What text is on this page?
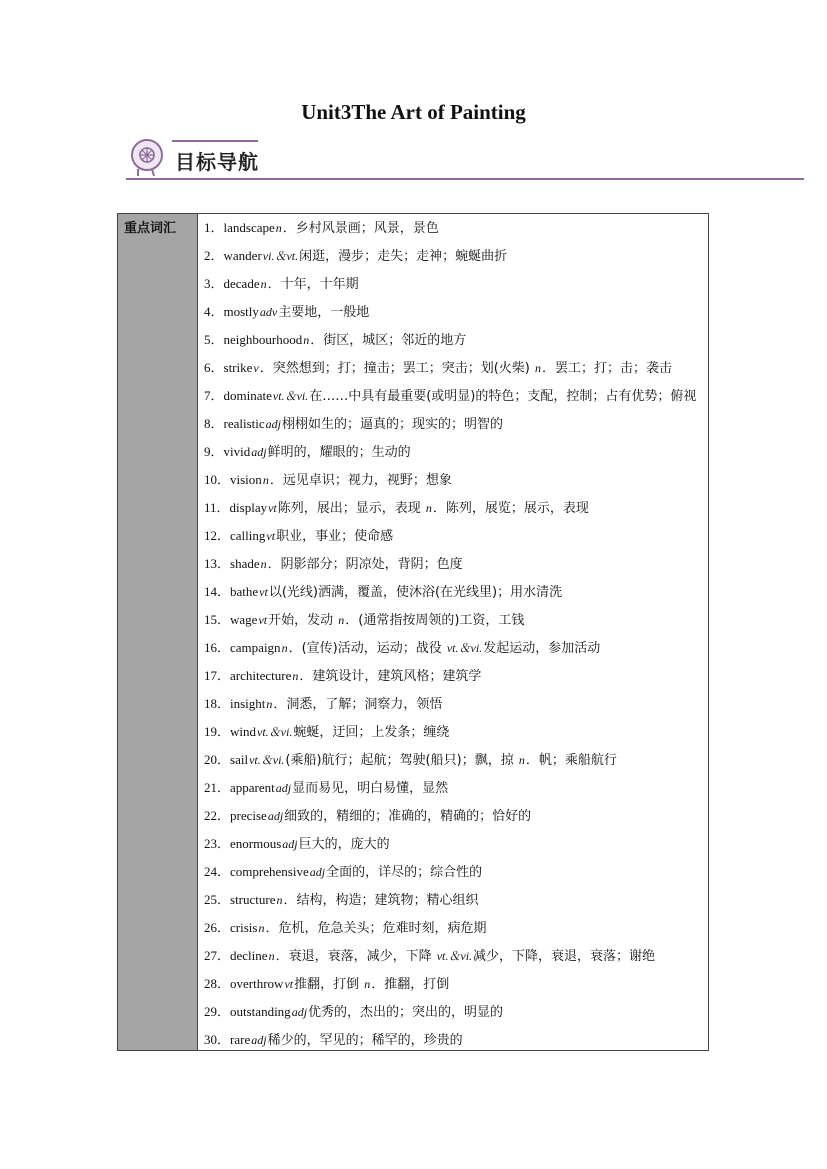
Unit3The Art of Painting
目标导航
重点词汇 1．landscapen．乡村风景画；风景，景色
2．wandervi.＆vt.闲逛，漫步；走失；走神；蜿蜒曲折
3．decaden．十年，十年期
4．mostlyadv主要地，一般地
5．neighbourhoodn．街区，城区；邻近的地方
6．strikev．突然想到；打；撞击；罢工；突击；划(火柴) n．罢工；打；击；袭击
7．dominatevt.＆vi.在……中具有最重要(或明显)的特色；支配，控制；占有优势；俯视
8．realisticadj栩栩如生的；逼真的；现实的；明智的
9．vividadj鲜明的，耀眼的；生动的
10．visionn．远见卓识；视力，视野；想象
11．displayvt陈列，展出；显示，表现 n．陈列，展览；展示，表现
12．callingvt职业，事业；使命感
13．shaden．阴影部分；阴凉处，背阴；色度
14．bathevt以(光线)洒满，覆盖，使沐浴(在光线里)；用水清洗
15．wagevt开始，发动 n．(通常指按周领的)工资，工钱
16．campaignn．(宣传)活动，运动；战役 vt.＆vi.发起运动，参加活动
17．architecturen．建筑设计，建筑风格；建筑学
18．insightn．洞悉，了解；洞察力，领悟
19．windvt.＆vi.蜿蜒，迂回；上发条；缠绕
20．sailvt.＆vi.(乘船)航行；起航；驾驶(船只)；飘，掠 n．帆；乘船航行
21．apparentadj显而易见，明白易懂，显然
22．preciseadj细致的，精细的；准确的，精确的；恰好的
23．enormousadj巨大的，庞大的
24．comprehensiveadj全面的，详尽的；综合性的
25．structuren．结构，构造；建筑物；精心组织
26．crisisn．危机，危急关头；危难时刻，病危期
27．declinen．衰退，衰落，减少，下降 vt.＆vi.减少，下降，衰退，衰落；谢绝
28．overthrowvt推翻，打倒 n．推翻，打倒
29．outstandingadj优秀的，杰出的；突出的，明显的
30．rareadj稀少的，罕见的；稀罕的，珍贵的
